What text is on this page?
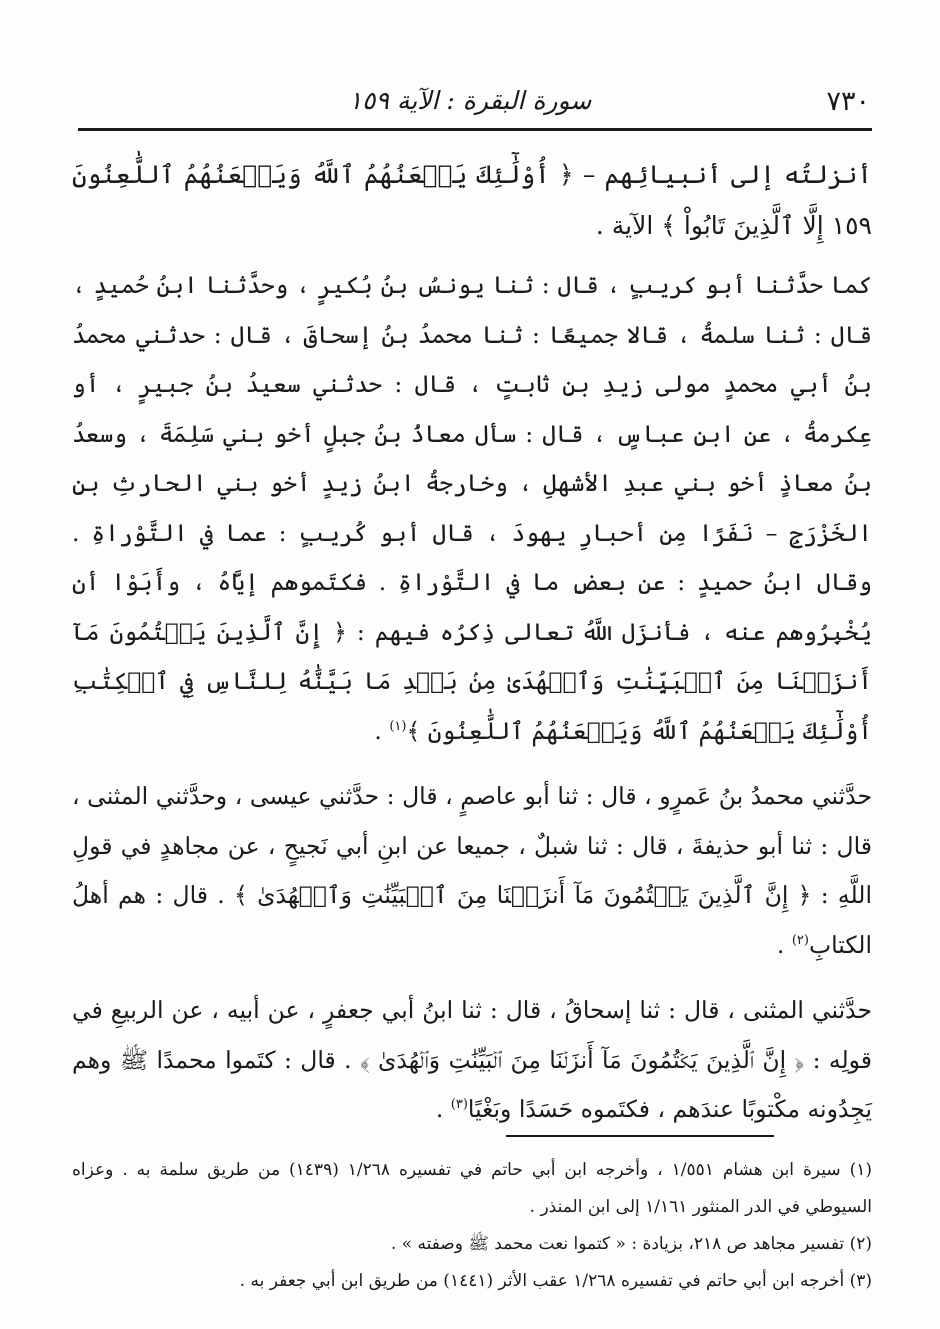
٧٣٠
سورة البقرة : الآية ١٥٩

أنزلتُه إلى أنبيائِهم – ﴿ أُوْلَٰٓئِكَ يَلۡعَنُهُمُ ٱللَّهُ وَيَلۡعَنُهُمُ ٱللَّٰعِنُونَ ١٥٩ إِلَّا ٱلَّذِينَ تَابُواْ ﴾ الآية .

كما حدَّثنا أبو كريبٍ ، قال : ثنا يونسُ بنُ بُكيرٍ ، وحدَّثنا ابنُ حُميدٍ ، قال : ثنا سلمةُ ، قالا جميعًا : ثنا محمدُ بنُ إسحاقَ ، قال : حدثني محمدُ بنُ أبي محمدٍ مولى زيدِ بنِ ثابتٍ ، قال : حدثني سعيدُ بنُ جبيرٍ ، أو عِكرمةُ ، عن ابنِ عباسٍ ، قال : سأل معاذُ بنُ جبلٍ أخو بني سَلِمَةَ ، وسعدُ بنُ معاذٍ أخو بني عبدِ الأشهلِ ، وخارجةُ ابنُ زيدٍ أخو بني الحارثِ بنِ الخَزْرَجِ – نَفَرًا مِن أحبارِ يهودَ ، قال أبو كُريبٍ : عما في التَّوْراةِ . وقال ابنُ حميدٍ : عن بعضِ ما في التَّوْراةِ . فكتَموهم إيَّاهُ ، وأَبَوْا أن يُخْبِرُوهم عنه ، فأنزَل اللَّهُ تعالى ذِكرُه فيهم : ﴿ إِنَّ ٱلَّذِينَ يَكۡتُمُونَ مَآ أَنزَلۡنَا مِنَ ٱلۡبَيِّنَٰتِ وَٱلۡهُدَىٰ مِنۢ بَعۡدِ مَا بَيَّنَّٰهُ لِلنَّاسِ فِي ٱلۡكِتَٰبِ أُوْلَٰٓئِكَ يَلۡعَنُهُمُ ٱللَّهُ وَيَلۡعَنُهُمُ ٱللَّٰعِنُونَ ﴾$^{(١)}$ .

حدَّثني محمدُ بنُ عَمرٍو ، قال : ثنا أبو عاصمٍ ، قال : حدَّثني عيسى ، وحدَّثني المثنى ، قال : ثنا أبو حذيفةَ ، قال : ثنا شبلٌ ، جميعا عن ابنِ أبي نَجيحٍ ، عن مجاهدٍ في قولِ اللَّهِ : ﴿ إِنَّ ٱلَّذِينَ يَكۡتُمُونَ مَآ أَنزَلۡنَا مِنَ ٱلۡبَيِّنَٰتِ وَٱلۡهُدَىٰ ﴾ . قال : هم أهلُ الكتابِ$^{(٢)}$ .

حدَّثني المثنى ، قال : ثنا إسحاقُ ، قال : ثنا ابنُ أبي جعفرٍ ، عن أبيه ، عن الربيعِ في قولِه : ﴿ إِنَّ ٱلَّذِينَ يَكۡتُمُونَ مَآ أَنزَلۡنَا مِنَ ٱلۡبَيِّنَٰتِ وَٱلۡهُدَىٰ ﴾ . قال : كتَموا محمدًا ﷺ وهم يَجِدُونه مكْتوبًا عندَهم ، فكتَموه حَسَدًا وبَغْيًا$^{(٣)}$ .

(١) سيرة ابن هشام ١/٥٥١ ، وأخرجه ابن أبي حاتم في تفسيره ١/٢٦٨ (١٤٣٩) من طريق سلمة به . وعزاه السيوطي في الدر المنثور ١/١٦١ إلى ابن المنذر .

(٢) تفسير مجاهد ص ٢١٨، بزيادة : « كتموا نعت محمد ﷺ وصفته » .

(٣) أخرجه ابن أبي حاتم في تفسيره ١/٢٦٨ عقب الأثر (١٤٤١) من طريق ابن أبي جعفر به .
